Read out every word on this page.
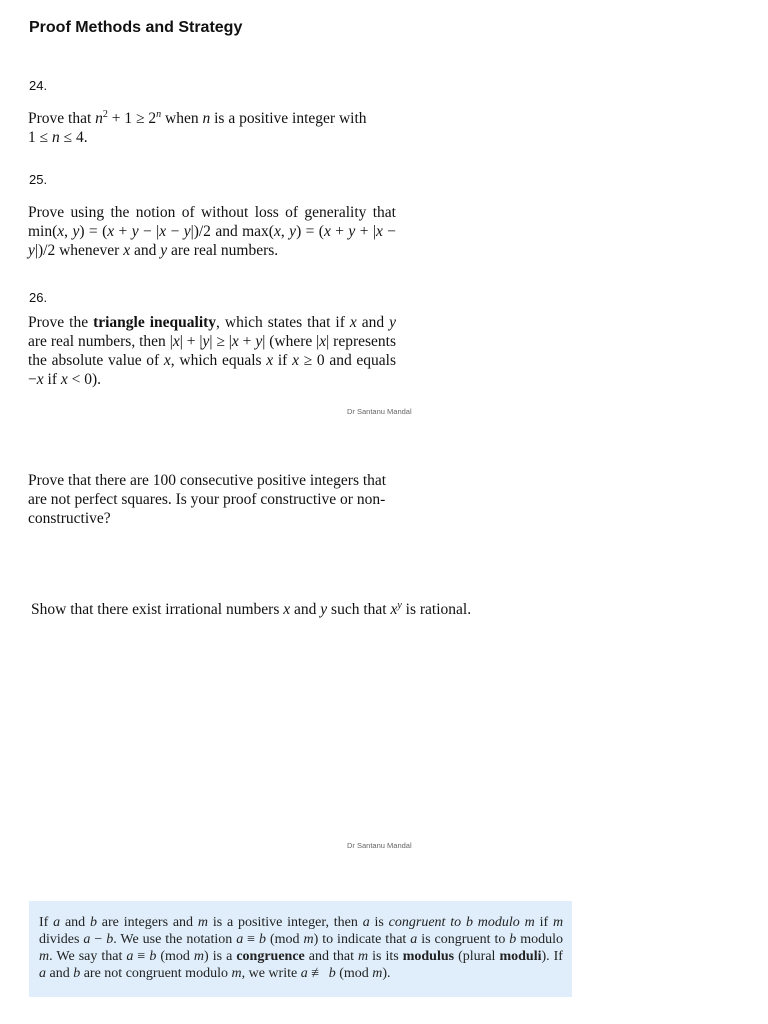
Proof Methods and Strategy
24.
Prove that $n^2 + 1 \ge 2^n$ when n is a positive integer with
1 ≤ n ≤ 4.
25.
Prove using the notion of without loss of generality that min(x, y) = (x + y − |x − y|)/2 and max(x, y) = (x + y + |x − y|)/2 whenever x and y are real numbers.
26.
Prove the triangle inequality, which states that if x and y are real numbers, then |x| + |y| ≥ |x + y| (where |x| represents the absolute value of x, which equals x if x ≥ 0 and equals −x if x < 0).
Dr Santanu Mandal
Prove that there are 100 consecutive positive integers that are not perfect squares. Is your proof constructive or non-constructive?
Show that there exist irrational numbers x and y such that $x^y$ is rational.
Dr Santanu Mandal
If a and b are integers and m is a positive integer, then a is congruent to b modulo m if m divides a − b. We use the notation a ≡ b (mod m) to indicate that a is congruent to b modulo m. We say that a ≡ b (mod m) is a congruence and that m is its modulus (plural moduli). If a and b are not congruent modulo m, we write a ≢ b (mod m).
